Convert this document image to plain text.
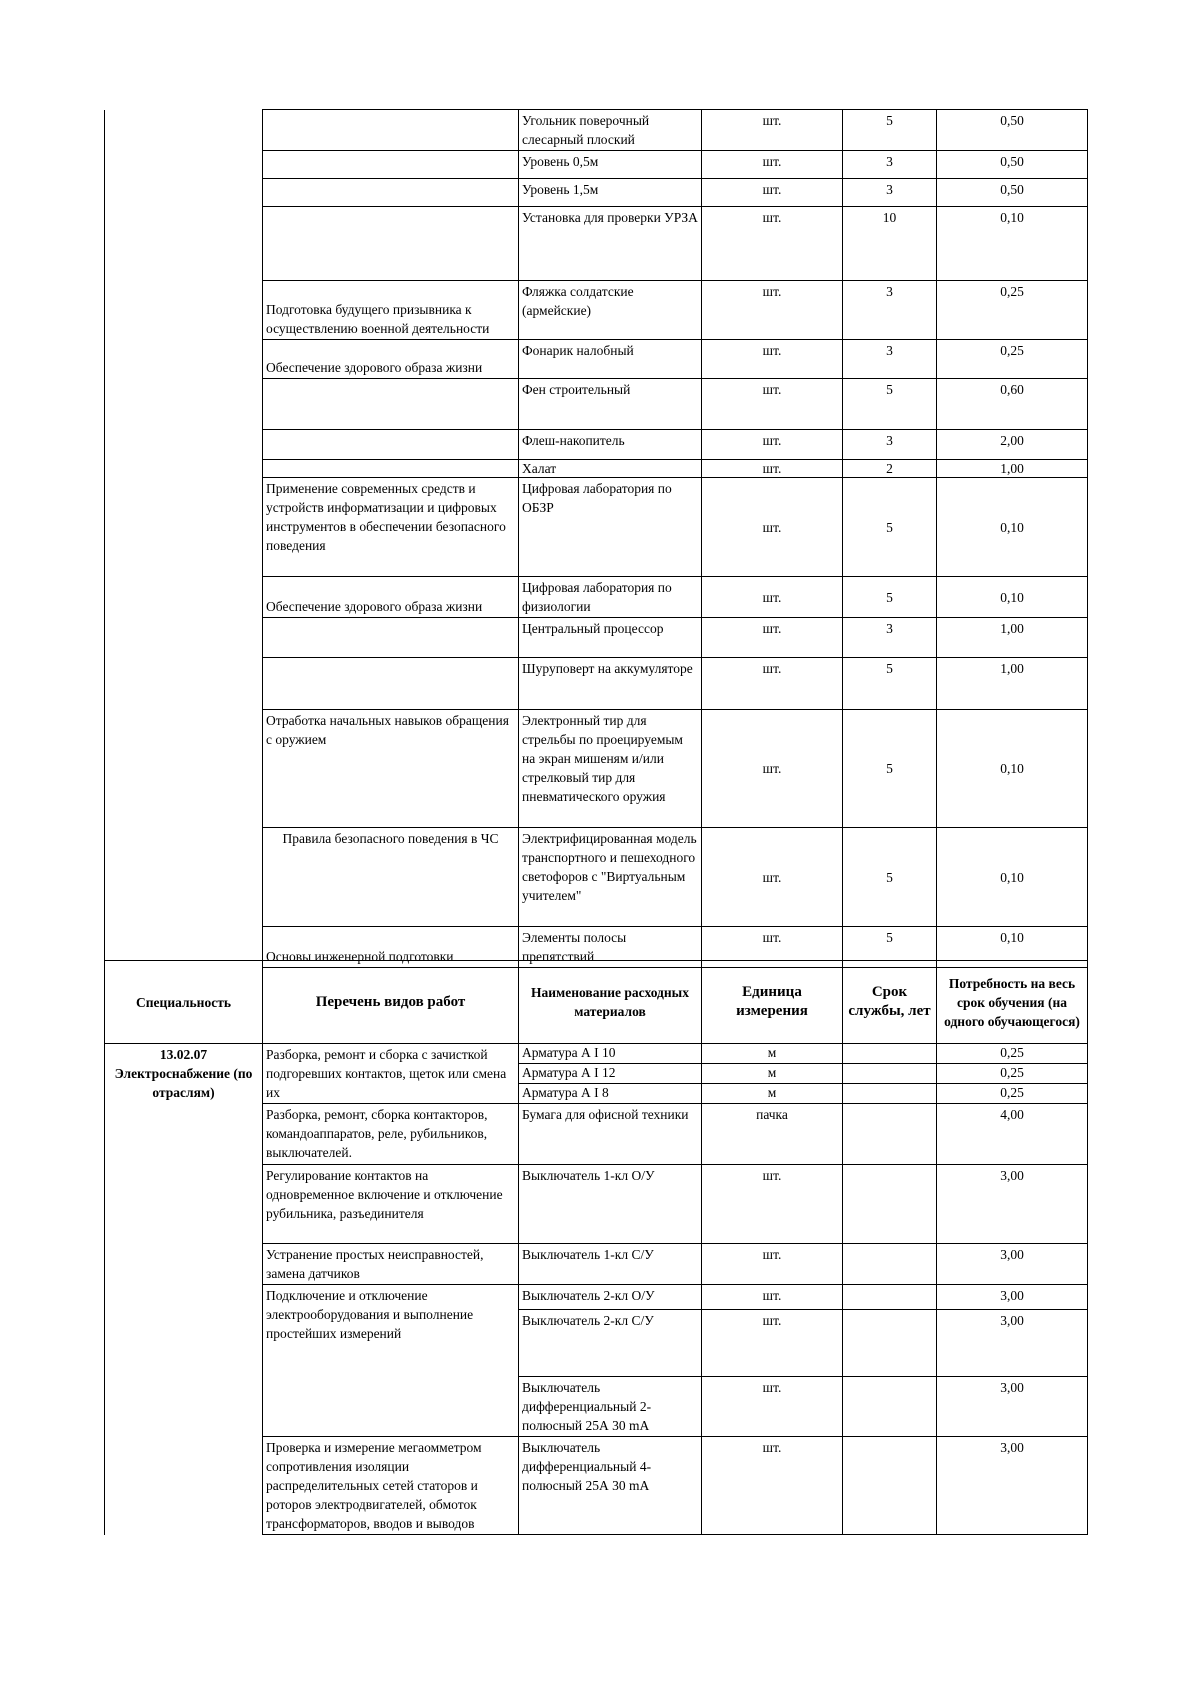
		Угольник поверочный слесарный плоский	шт.	5	0,50
		Уровень 0,5м	шт.	3	0,50
		Уровень 1,5м	шт.	3	0,50
		Установка для проверки УРЗА	шт.	10	0,10
	Подготовка будущего призывника к осуществлению военной деятельности	Фляжка солдатские (армейские)	шт.	3	0,25
	Обеспечение здорового образа жизни	Фонарик налобный	шт.	3	0,25
		Фен строительный	шт.	5	0,60
		Флеш-накопитель	шт.	3	2,00
		Халат	шт.	2	1,00
	Применение современных средств и устройств информатизации и цифровых инструментов в обеспечении безопасного поведения	Цифровая лаборатория по ОБЗР	шт.	5	0,10
	Обеспечение здорового образа жизни	Цифровая лаборатория по физиологии	шт.	5	0,10
		Центральный процессор	шт.	3	1,00
		Шуруповерт на аккумуляторе	шт.	5	1,00
	Отработка начальных навыков обращения с оружием	Электронный тир для стрельбы по проецируемым на экран мишеням и/или стрелковый тир для пневматического оружия	шт.	5	0,10
	Правила безопасного поведения в ЧС	Электрифицированная модель транспортного и пешеходного светофоров с "Виртуальным учителем"	шт.	5	0,10
	Основы инженерной подготовки	Элементы полосы препятствий	шт.	5	0,10
Специальность	Перечень видов работ	Наименование расходных материалов	Единица измерения	Срок службы, лет	Потребность на весь срок обучения (на одного обучающегося)
13.02.07 Электроснабжение (по отраслям)	Разборка, ремонт и сборка с зачисткой подгоревших контактов, щеток или смена их	Арматура А I 10	м		0,25
		Арматура А I 12	м		0,25
		Арматура А I 8	м		0,25
	Разборка, ремонт, сборка контакторов, командоаппаратов, реле, рубильников, выключателей.	Бумага для офисной техники	пачка		4,00
	Регулирование контактов на одновременное включение и отключение рубильника, разъединителя	Выключатель 1-кл О/У	шт.		3,00
	Устранение простых неисправностей, замена датчиков	Выключатель 1-кл С/У	шт.		3,00
	Подключение и отключение электрооборудования и выполнение простейших измерений	Выключатель 2-кл О/У	шт.		3,00
		Выключатель 2-кл С/У	шт.		3,00
		Выключатель дифференциальный 2-полюсный 25А 30 mA	шт.		3,00
	Проверка и измерение мегаомметром сопротивления изоляции распределительных сетей статоров и роторов электродвигателей, обмоток трансформаторов, вводов и выводов	Выключатель дифференциальный 4-полюсный 25А 30 mA	шт.		3,00
